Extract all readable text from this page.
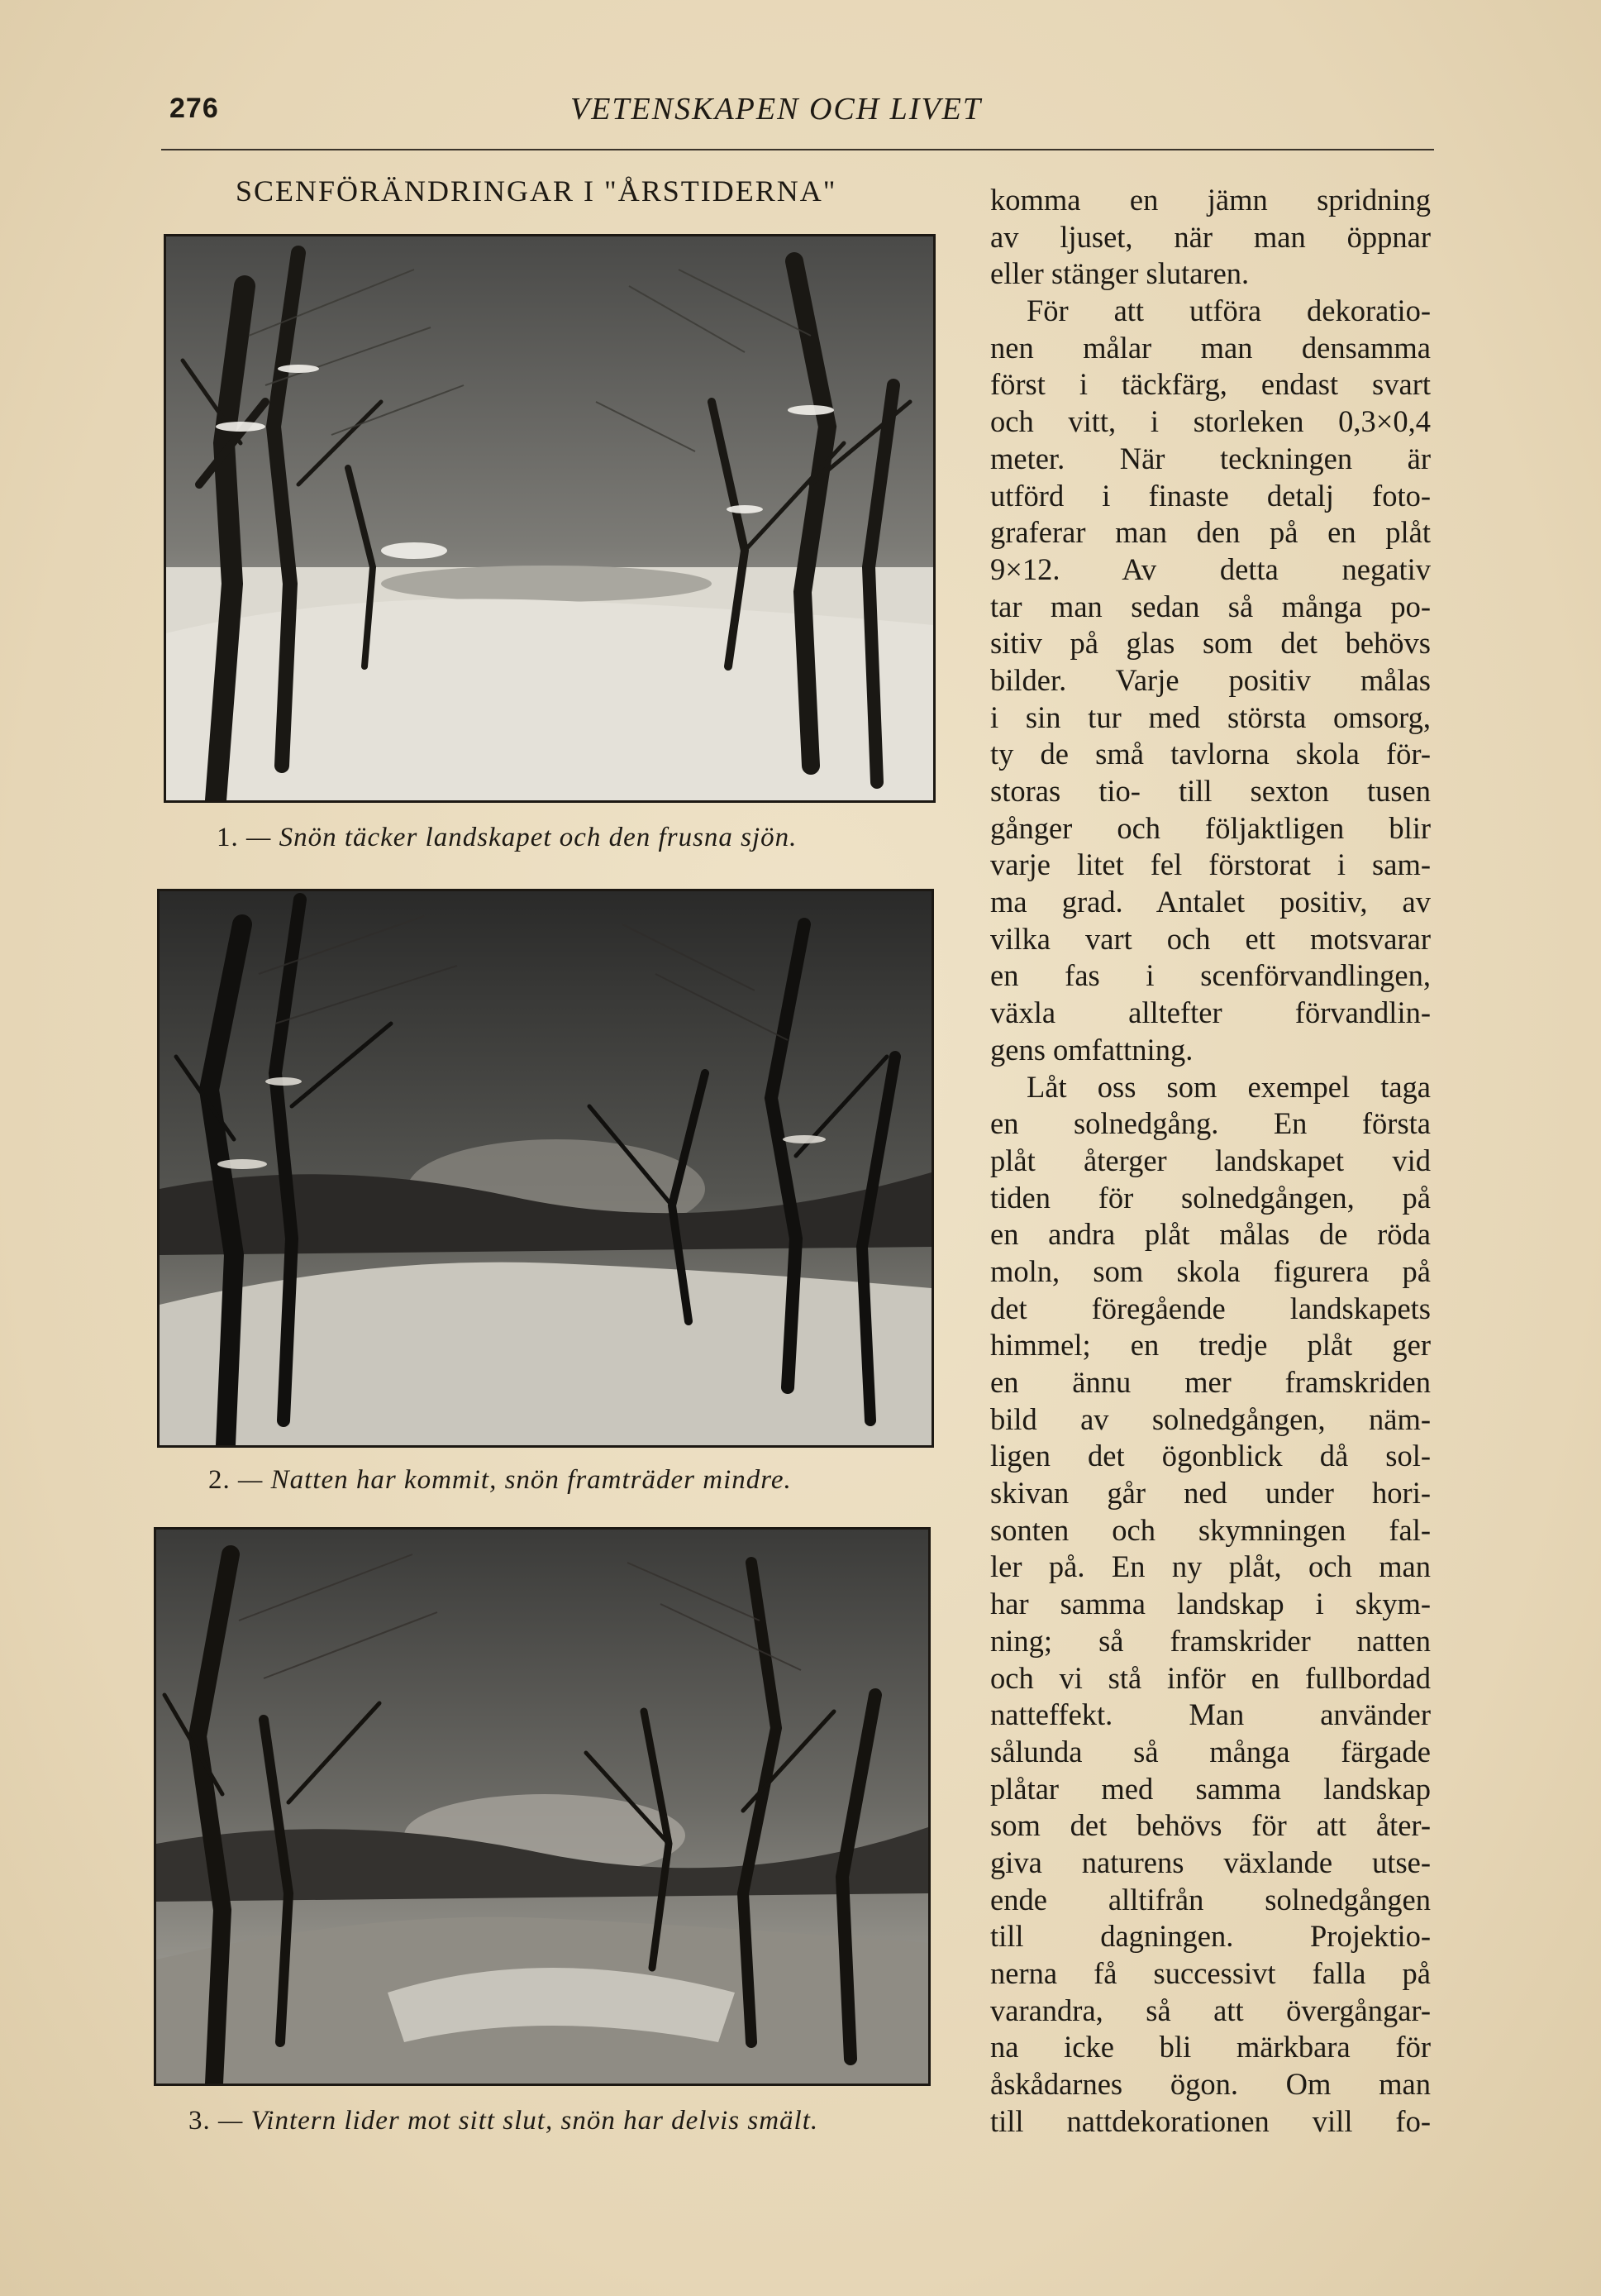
276	VETENSKAPEN OCH LIVET
SCENFÖRÄNDRINGAR I "ÅRSTIDERNA"
1. — Snön täcker landskapet och den frusna sjön.
2. — Natten har kommit, snön framträder mindre.
3. — Vintern lider mot sitt slut, snön har delvis smält.
komma en jämn spridning
av ljuset, när man öppnar
eller stänger slutaren.
För att utföra dekoratio-
nen målar man densamma
först i täckfärg, endast svart
och vitt, i storleken 0,3×0,4
meter. När teckningen är
utförd i finaste detalj foto-
graferar man den på en plåt
9×12. Av detta negativ
tar man sedan så många po-
sitiv på glas som det behövs
bilder. Varje positiv målas
i sin tur med största omsorg,
ty de små tavlorna skola för-
storas tio- till sexton tusen
gånger och följaktligen blir
varje litet fel förstorat i sam-
ma grad. Antalet positiv, av
vilka vart och ett motsvarar
en fas i scenförvandlingen,
växla alltefter förvandlin-
gens omfattning.
Låt oss som exempel taga
en solnedgång. En första
plåt återger landskapet vid
tiden för solnedgången, på
en andra plåt målas de röda
moln, som skola figurera på
det föregående landskapets
himmel; en tredje plåt ger
en ännu mer framskriden
bild av solnedgången, näm-
ligen det ögonblick då sol-
skivan går ned under hori-
sonten och skymningen fal-
ler på. En ny plåt, och man
har samma landskap i skym-
ning; så framskrider natten
och vi stå inför en fullbordad
natteffekt. Man använder
sålunda så många färgade
plåtar med samma landskap
som det behövs för att åter-
giva naturens växlande utse-
ende alltifrån solnedgången
till dagningen. Projektio-
nerna få successivt falla på
varandra, så att övergångar-
na icke bli märkbara för
åskådarnes ögon. Om man
till nattdekorationen vill fo-
